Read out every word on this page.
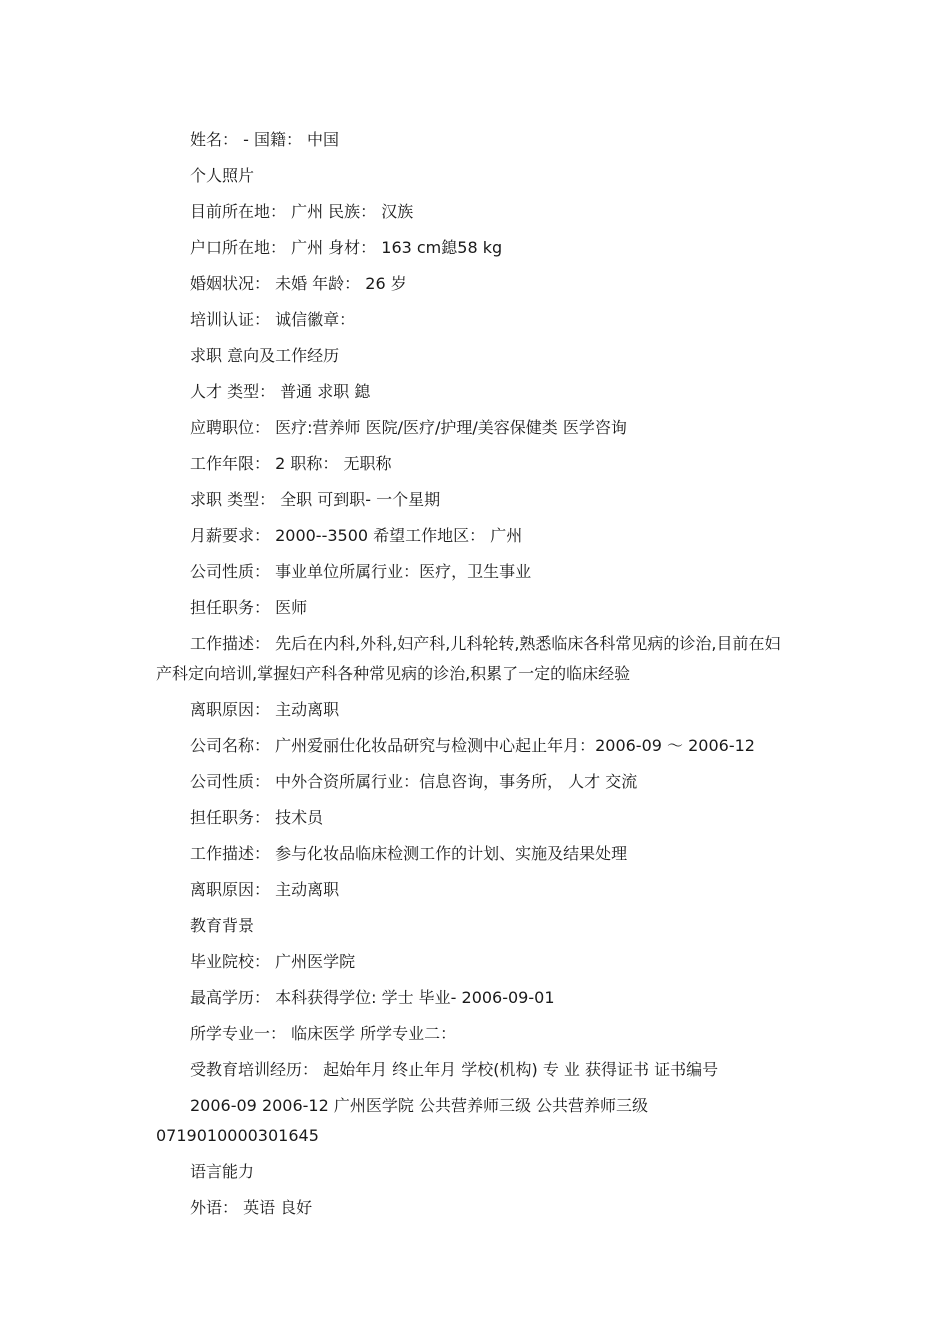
姓名： - 国籍： 中国
个人照片
目前所在地： 广州 民族： 汉族
户口所在地： 广州 身材： 163 cm鎴58 kg
婚姻状况： 未婚 年龄： 26 岁
培训认证： 诚信徽章：
求职 意向及工作经历
人才 类型： 普通 求职 鎴
应聘职位： 医疗:营养师 医院/医疗/护理/美容保健类 医学咨询
工作年限： 2 职称： 无职称
求职 类型： 全职 可到职- 一个星期
月薪要求： 2000--3500 希望工作地区： 广州
公司性质： 事业单位所属行业：医疗，卫生事业
担任职务： 医师
工作描述： 先后在内科,外科,妇产科,儿科轮转,熟悉临床各科常见病的诊治,目前在妇产科定向培训,掌握妇产科各种常见病的诊治,积累了一定的临床经验
离职原因： 主动离职
公司名称： 广州爱丽仕化妆品研究与检测中心起止年月：2006-09 ～ 2006-12
公司性质： 中外合资所属行业：信息咨询，事务所， 人才 交流
担任职务： 技术员
工作描述： 参与化妆品临床检测工作的计划、实施及结果处理
离职原因： 主动离职
教育背景
毕业院校： 广州医学院
最高学历： 本科获得学位: 学士 毕业- 2006-09-01
所学专业一： 临床医学 所学专业二：
受教育培训经历： 起始年月 终止年月 学校(机构) 专 业 获得证书 证书编号
2006-09 2006-12 广州医学院 公共营养师三级 公共营养师三级 0719010000301645
语言能力
外语： 英语 良好
